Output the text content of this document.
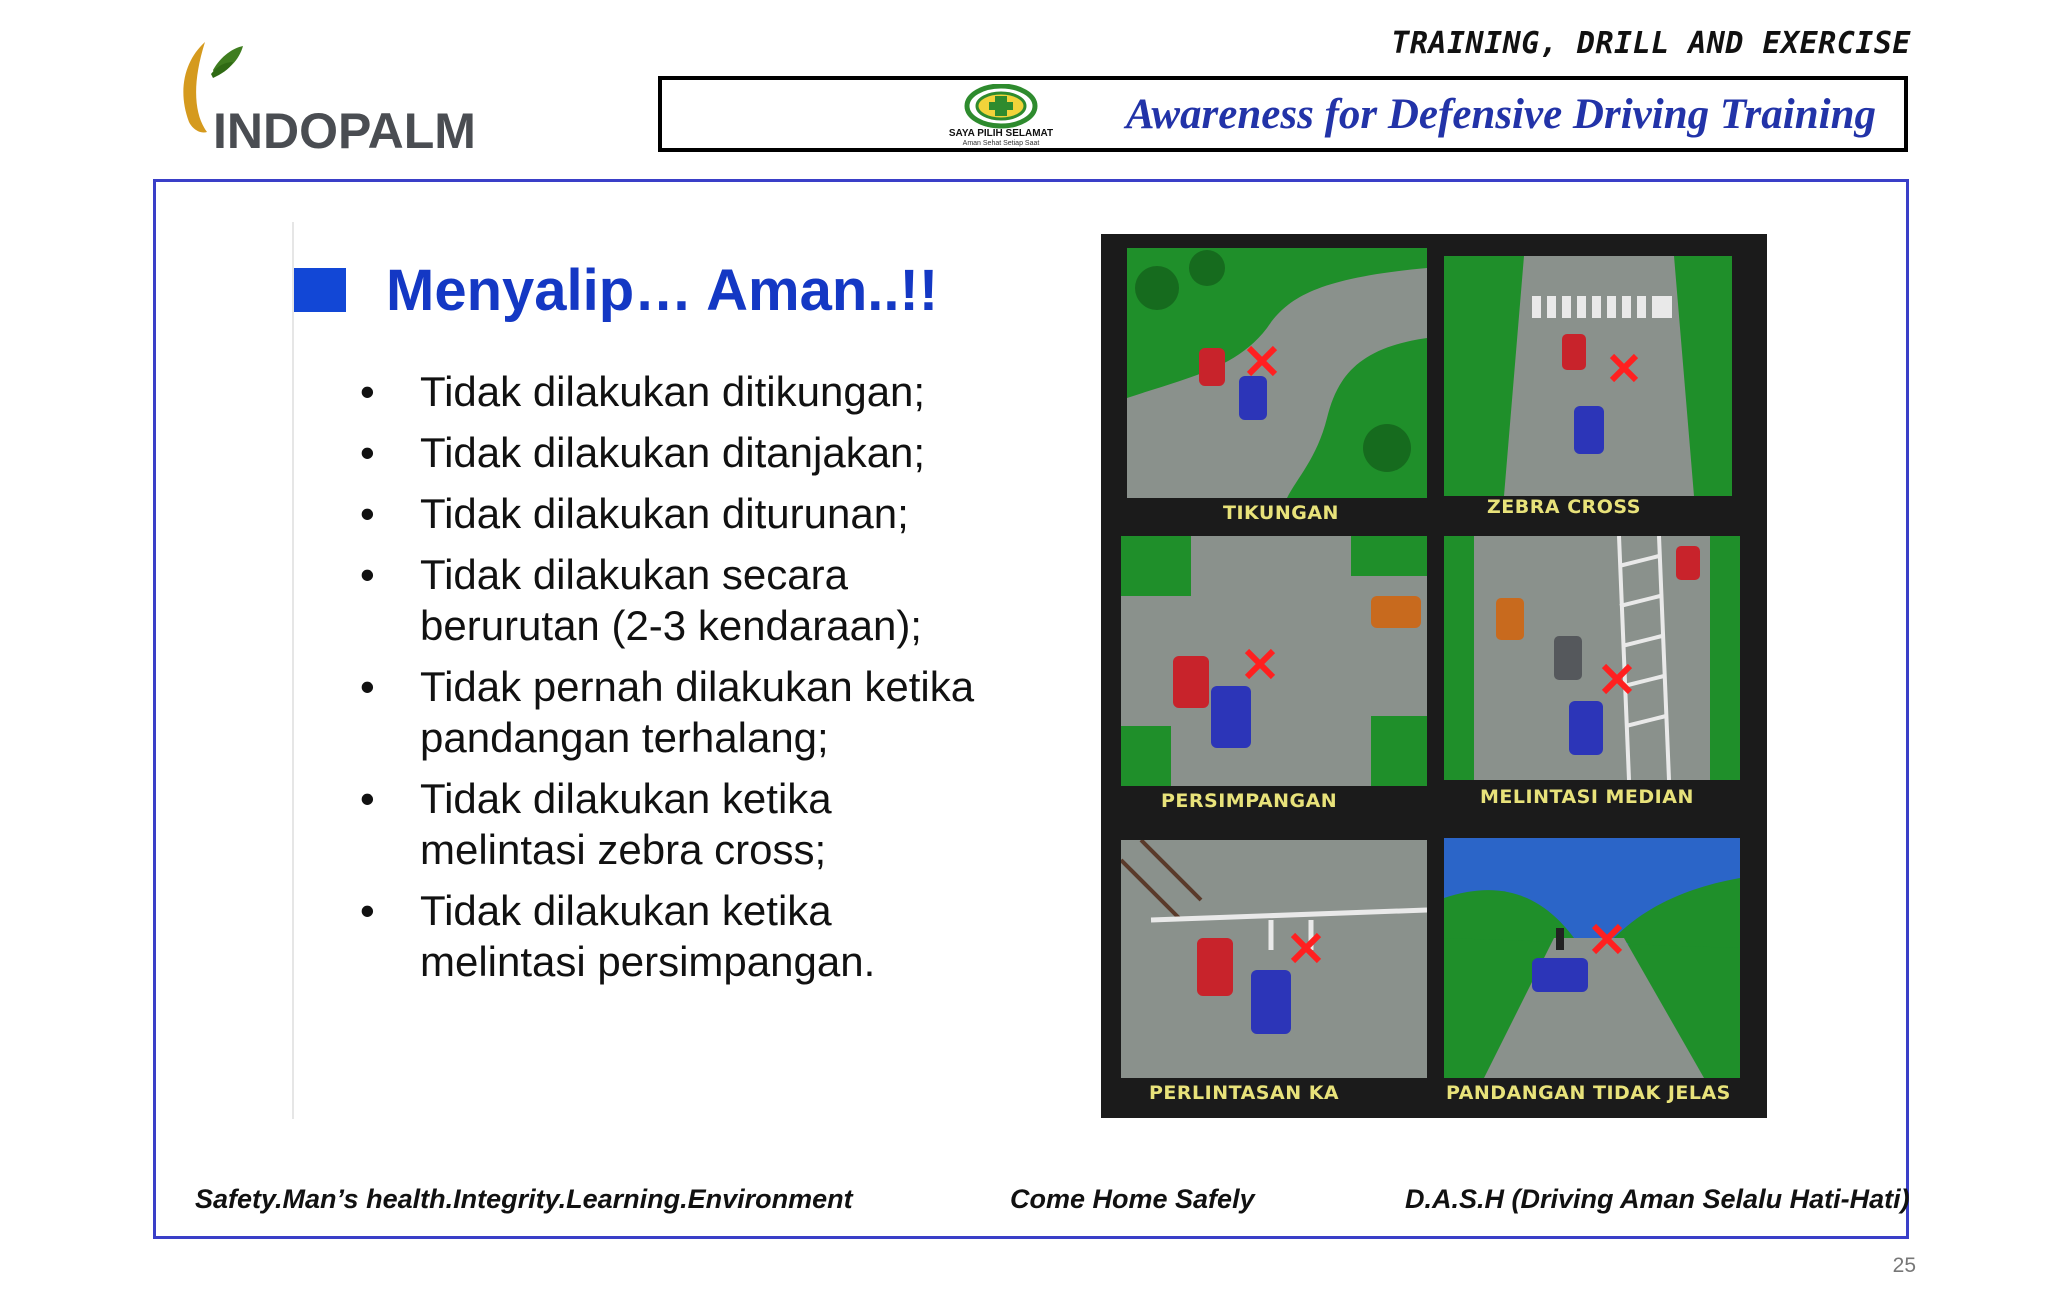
TRAINING, DRILL AND EXERCISE
INDOPALM	SAYA PILIH SELAMAT
Aman Sehat Setiap Saat
Awareness for Defensive Driving Training
Menyalip… Aman..!!
• Tidak dilakukan ditikungan;
• Tidak dilakukan ditanjakan;
• Tidak dilakukan diturunan;
• Tidak dilakukan secara
berurutan (2-3 kendaraan);
• Tidak pernah dilakukan ketika
pandangan terhalang;
• Tidak dilakukan ketika
melintasi zebra cross;
• Tidak dilakukan ketika
melintasi persimpangan.
TIKUNGAN	ZEBRA CROSS
PERSIMPANGAN	MELINTASI MEDIAN
PERLINTASAN KA	PANDANGAN TIDAK JELAS
Safety.Man’s health.Integrity.Learning.Environment	Come Home Safely	D.A.S.H (Driving Aman Selalu Hati-Hati)
25
